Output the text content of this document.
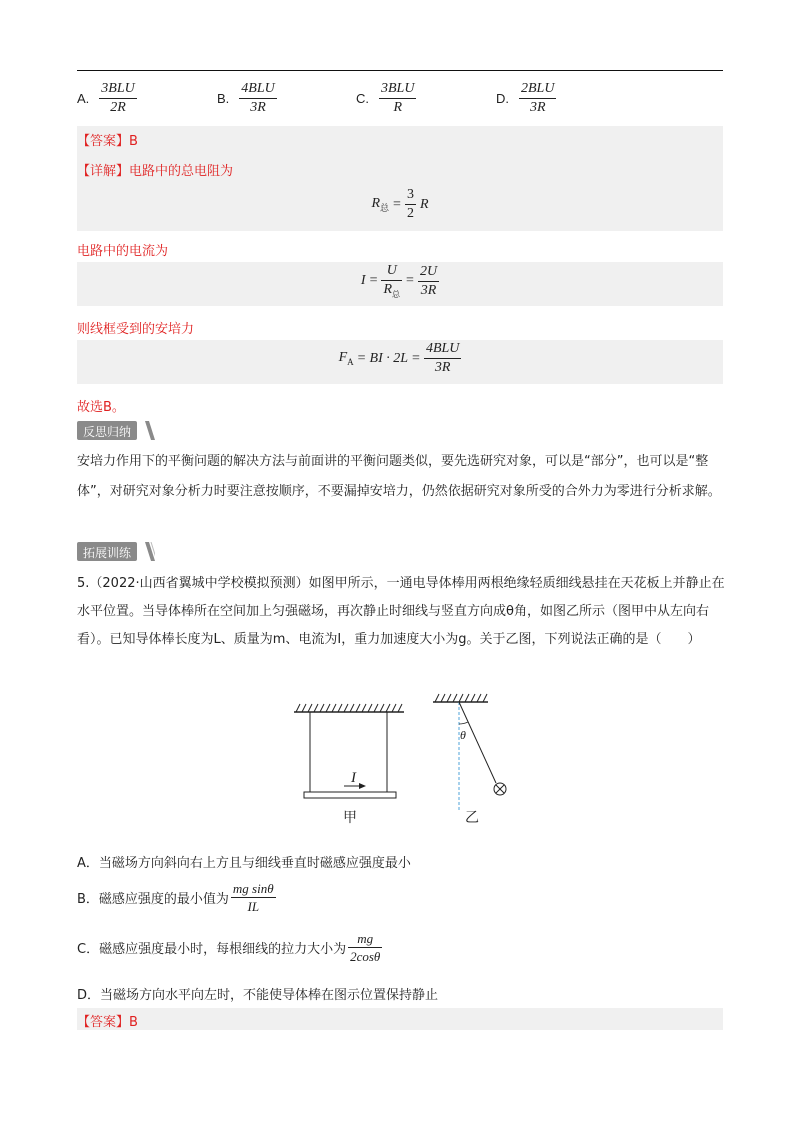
A. $\frac{\text{3BLU}}{2R}$	B. $\frac{\text{4BLU}}{3R}$	C. $\frac{\text{3BLU}}{R}$	D. $\frac{\text{2BLU}}{3R}$
【答案】B
【详解】电路中的总电阻为
$R_总 = \frac{3}{2}$ R
电路中的电流为
$I = \frac{U}{R_总} = \frac{2U}{3R}$
则线框受到的安培力
$F_A$ = BI · $2L = \frac{\text{4BLU}}{3R}$
故选B。
反思归纳
安培力作用下的平衡问题的解决方法与前面讲的平衡问题类似，要先选研究对象，可以是“部分”，也可以是“整体”，对研究对象分析力时要注意按顺序，不要漏掉安培力，仍然依据研究对象所受的合外力为零进行分析求解。
拓展训练
5.（2022·山西省翼城中学校模拟预测）如图甲所示，一通电导体棒用两根绝缘轻质细线悬挂在天花板上并静止在水平位置。当导体棒所在空间加上匀强磁场，再次静止时细线与竖直方向成θ角，如图乙所示（图甲中从左向右看）。已知导体棒长度为L、质量为m、电流为I，重力加速度大小为g。关于乙图，下列说法正确的是（　　）
I
θ
甲	乙
A．当磁场方向斜向右上方且与细线垂直时磁感应强度最小
B．磁感应强度的最小值为 $\frac{\text{mg sinθ}}{IL}$
C．磁感应强度最小时，每根细线的拉力大小为 $\frac{mg}{2\cos\theta}$
D．当磁场方向水平向左时，不能使导体棒在图示位置保持静止
【答案】B
